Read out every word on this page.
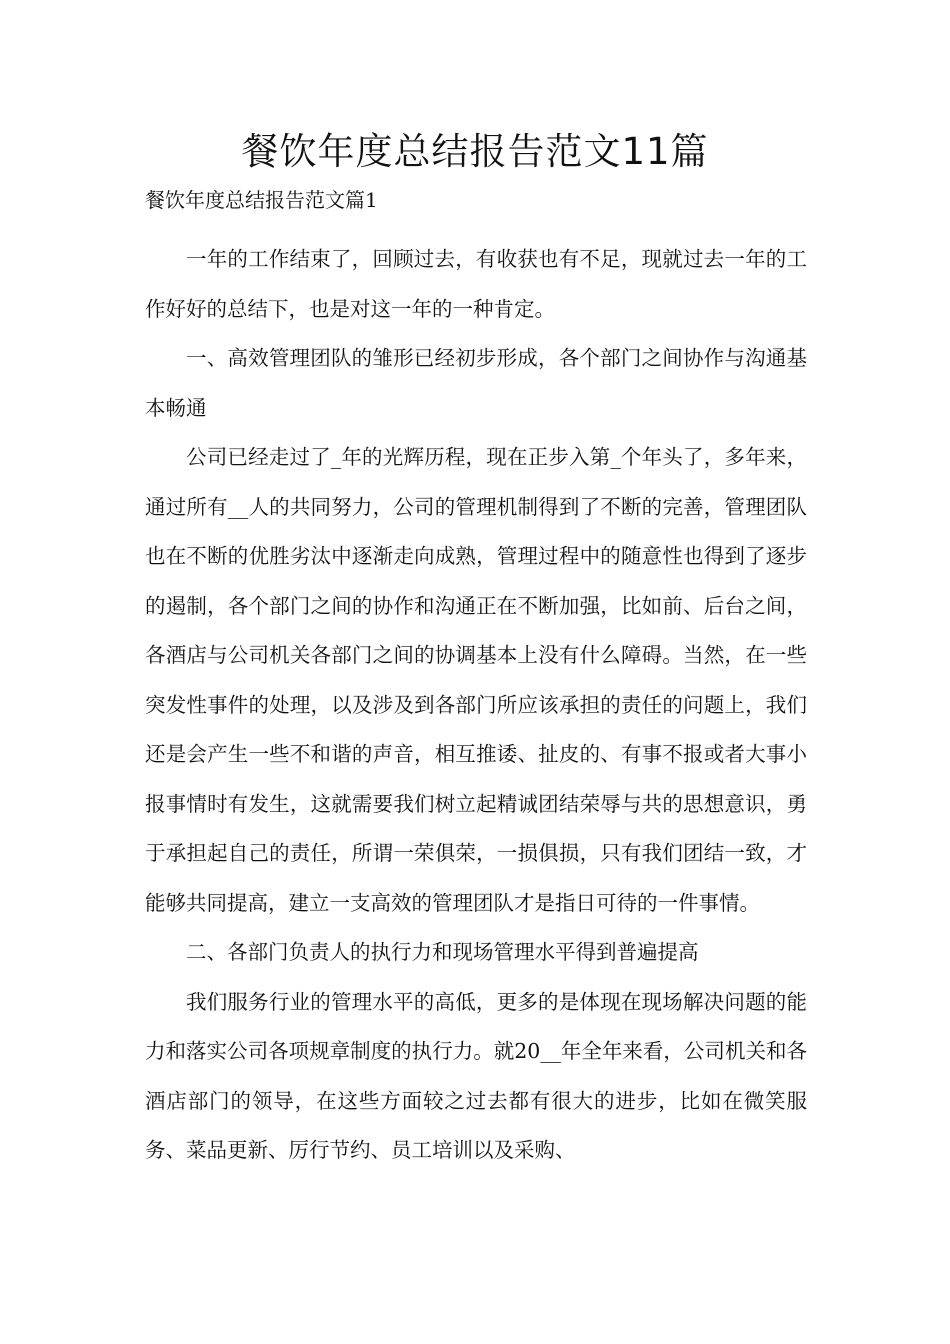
餐饮年度总结报告范文11篇
餐饮年度总结报告范文篇1

一年的工作结束了，回顾过去，有收获也有不足，现就过去一年的工作好好的总结下，也是对这一年的一种肯定。

一、高效管理团队的雏形已经初步形成，各个部门之间协作与沟通基本畅通

公司已经走过了_年的光辉历程，现在正步入第_个年头了，多年来，通过所有__人的共同努力，公司的管理机制得到了不断的完善，管理团队也在不断的优胜劣汰中逐渐走向成熟，管理过程中的随意性也得到了逐步的遏制，各个部门之间的协作和沟通正在不断加强，比如前、后台之间，各酒店与公司机关各部门之间的协调基本上没有什么障碍。当然，在一些突发性事件的处理，以及涉及到各部门所应该承担的责任的问题上，我们还是会产生一些不和谐的声音，相互推诿、扯皮的、有事不报或者大事小报事情时有发生，这就需要我们树立起精诚团结荣辱与共的思想意识，勇于承担起自己的责任，所谓一荣俱荣，一损俱损，只有我们团结一致，才能够共同提高，建立一支高效的管理团队才是指日可待的一件事情。

二、各部门负责人的执行力和现场管理水平得到普遍提高

我们服务行业的管理水平的高低，更多的是体现在现场解决问题的能力和落实公司各项规章制度的执行力。就20__年全年来看，公司机关和各酒店部门的领导，在这些方面较之过去都有很大的进步，比如在微笑服务、菜品更新、厉行节约、员工培训以及采购、
